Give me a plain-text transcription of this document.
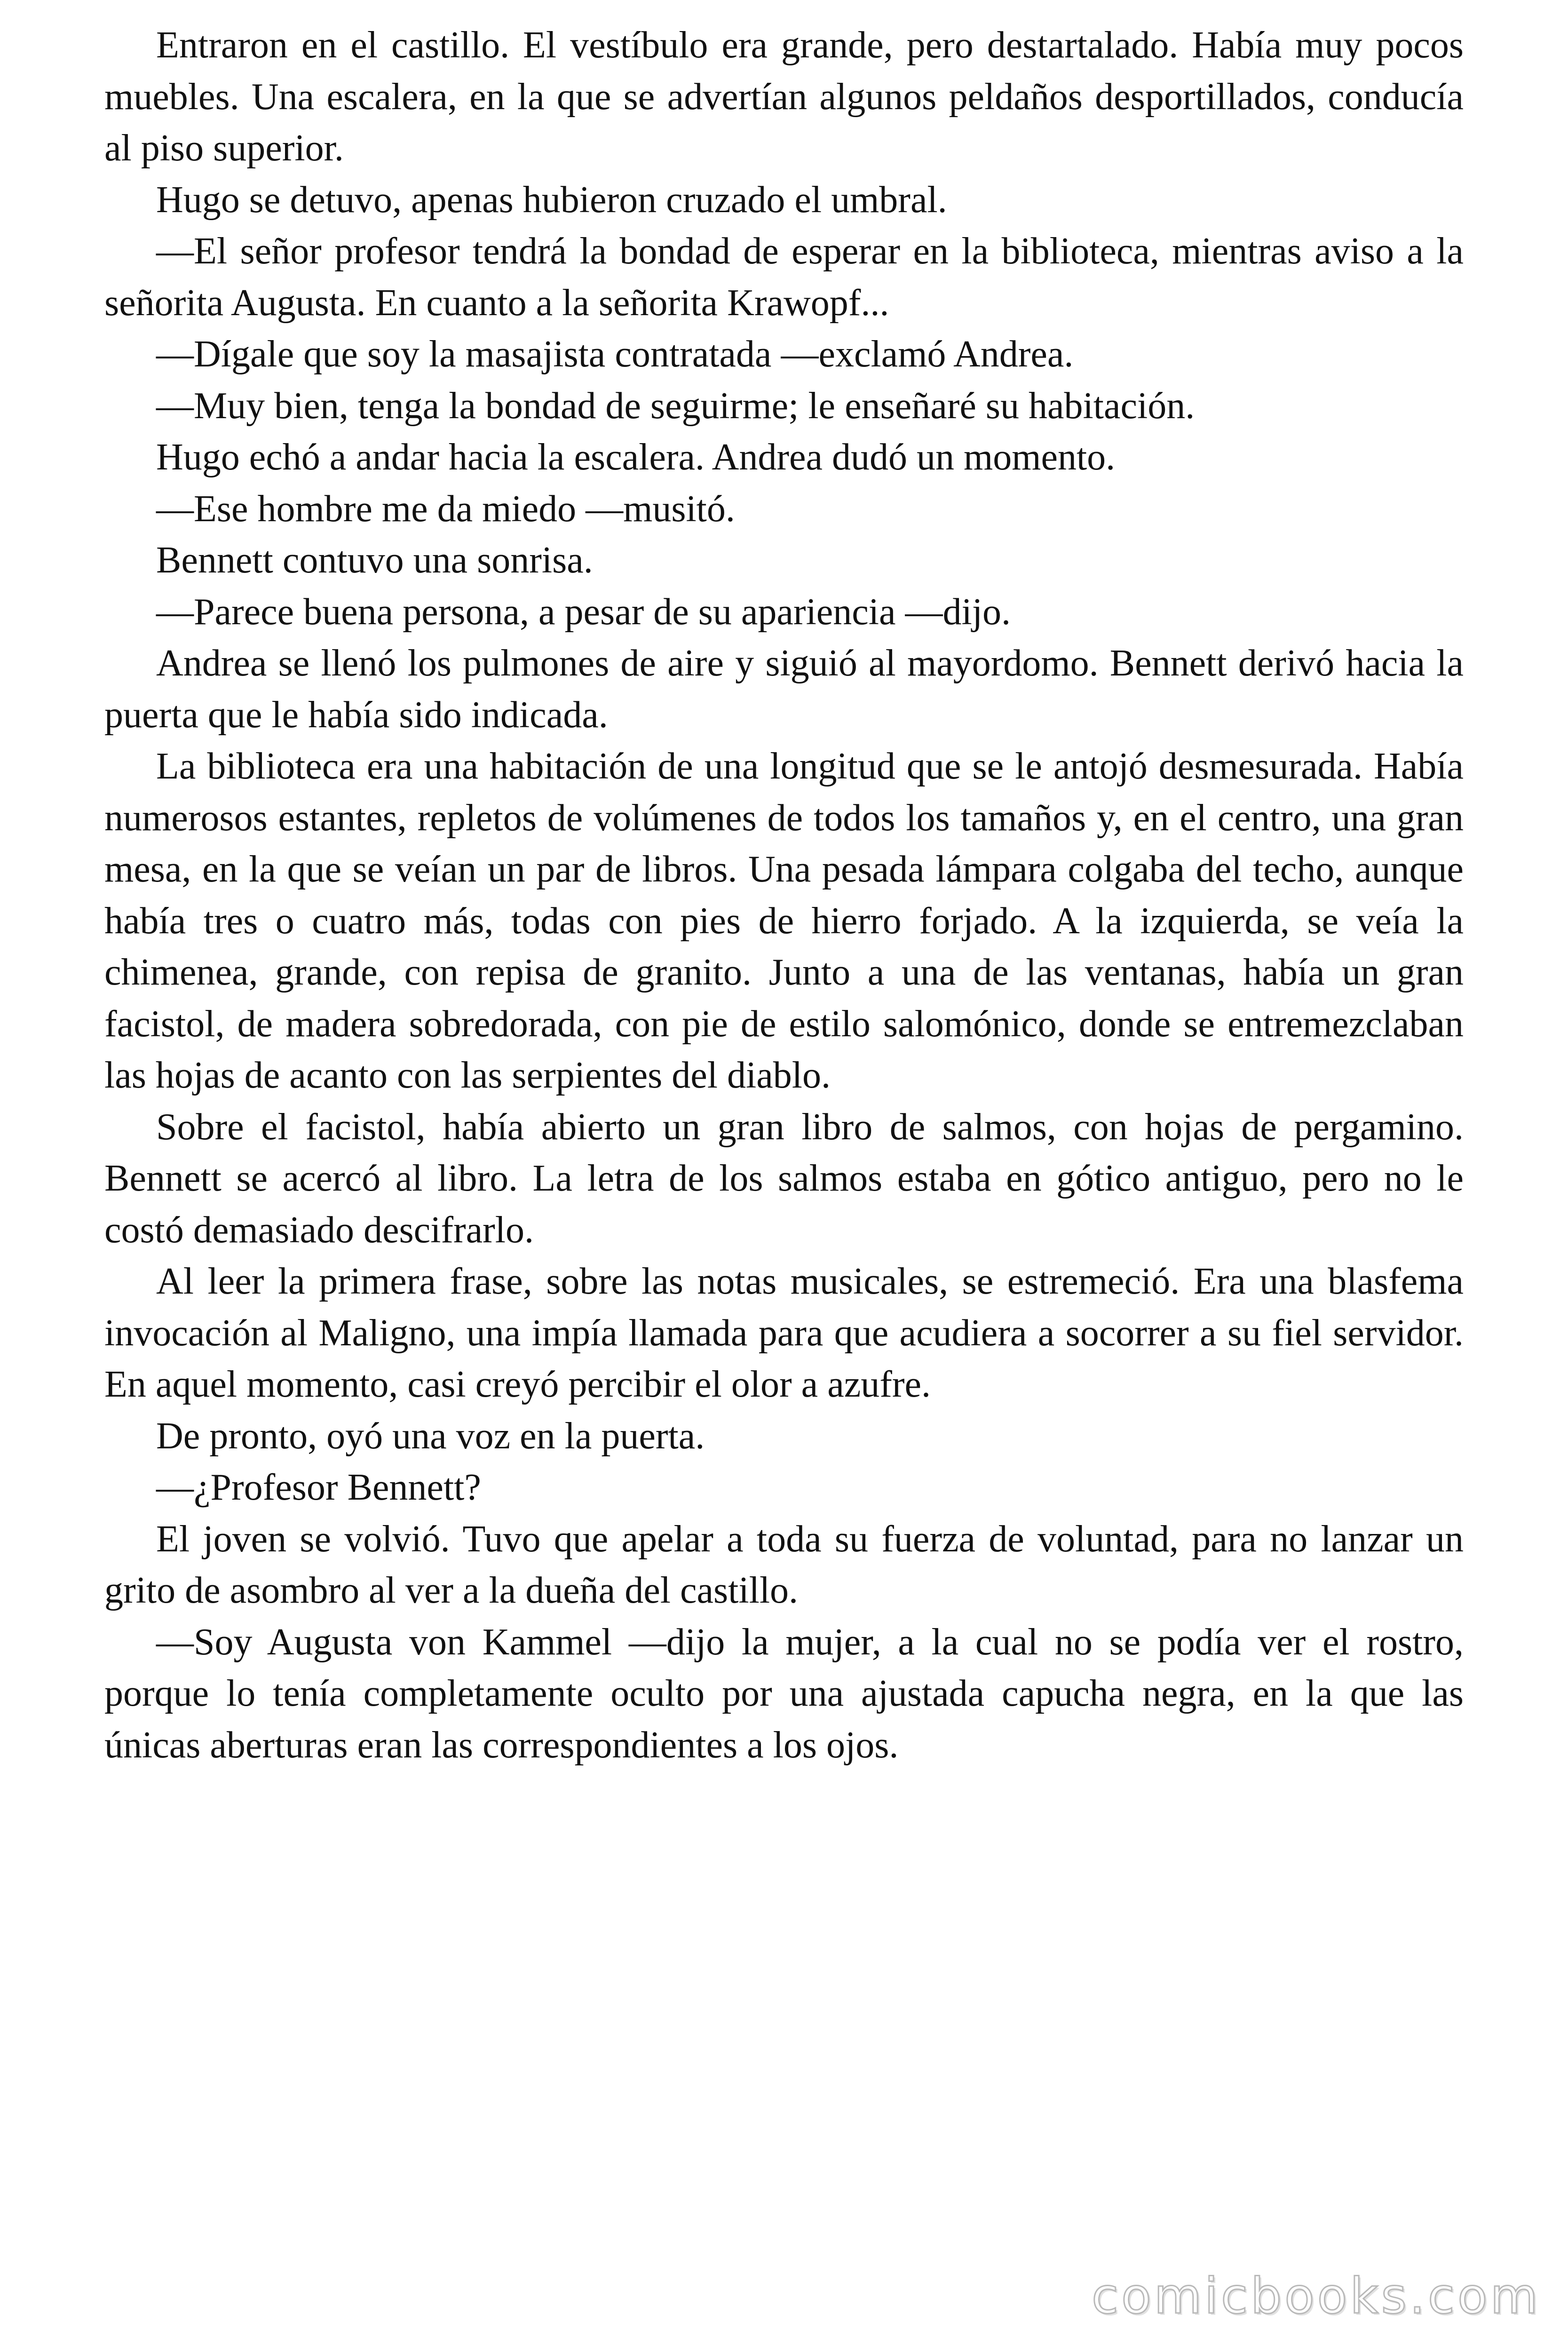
Entraron en el castillo. El vestíbulo era grande, pero destartalado. Había muy pocos muebles. Una escalera, en la que se advertían algunos peldaños desportillados, conducía al piso superior.

Hugo se detuvo, apenas hubieron cruzado el umbral.

—El señor profesor tendrá la bondad de esperar en la biblioteca, mientras aviso a la señorita Augusta. En cuanto a la señorita Krawopf...

—Dígale que soy la masajista contratada —exclamó Andrea.

—Muy bien, tenga la bondad de seguirme; le enseñaré su habitación.

Hugo echó a andar hacia la escalera. Andrea dudó un momento.

—Ese hombre me da miedo —musitó.

Bennett contuvo una sonrisa.

—Parece buena persona, a pesar de su apariencia —dijo.

Andrea se llenó los pulmones de aire y siguió al mayordomo. Bennett derivó hacia la puerta que le había sido indicada.

La biblioteca era una habitación de una longitud que se le antojó desmesurada. Había numerosos estantes, repletos de volúmenes de todos los tamaños y, en el centro, una gran mesa, en la que se veían un par de libros. Una pesada lámpara colgaba del techo, aunque había tres o cuatro más, todas con pies de hierro forjado. A la izquierda, se veía la chimenea, grande, con repisa de granito. Junto a una de las ventanas, había un gran facistol, de madera sobredorada, con pie de estilo salomónico, donde se entremezclaban las hojas de acanto con las serpientes del diablo.

Sobre el facistol, había abierto un gran libro de salmos, con hojas de pergamino. Bennett se acercó al libro. La letra de los salmos estaba en gótico antiguo, pero no le costó demasiado descifrarlo.

Al leer la primera frase, sobre las notas musicales, se estremeció. Era una blasfema invocación al Maligno, una impía llamada para que acudiera a socorrer a su fiel servidor. En aquel momento, casi creyó percibir el olor a azufre.

De pronto, oyó una voz en la puerta.

—¿Profesor Bennett?

El joven se volvió. Tuvo que apelar a toda su fuerza de voluntad, para no lanzar un grito de asombro al ver a la dueña del castillo.

—Soy Augusta von Kammel —dijo la mujer, a la cual no se podía ver el rostro, porque lo tenía completamente oculto por una ajustada capucha negra, en la que las únicas aberturas eran las correspondientes a los ojos.

comicbooks.com
